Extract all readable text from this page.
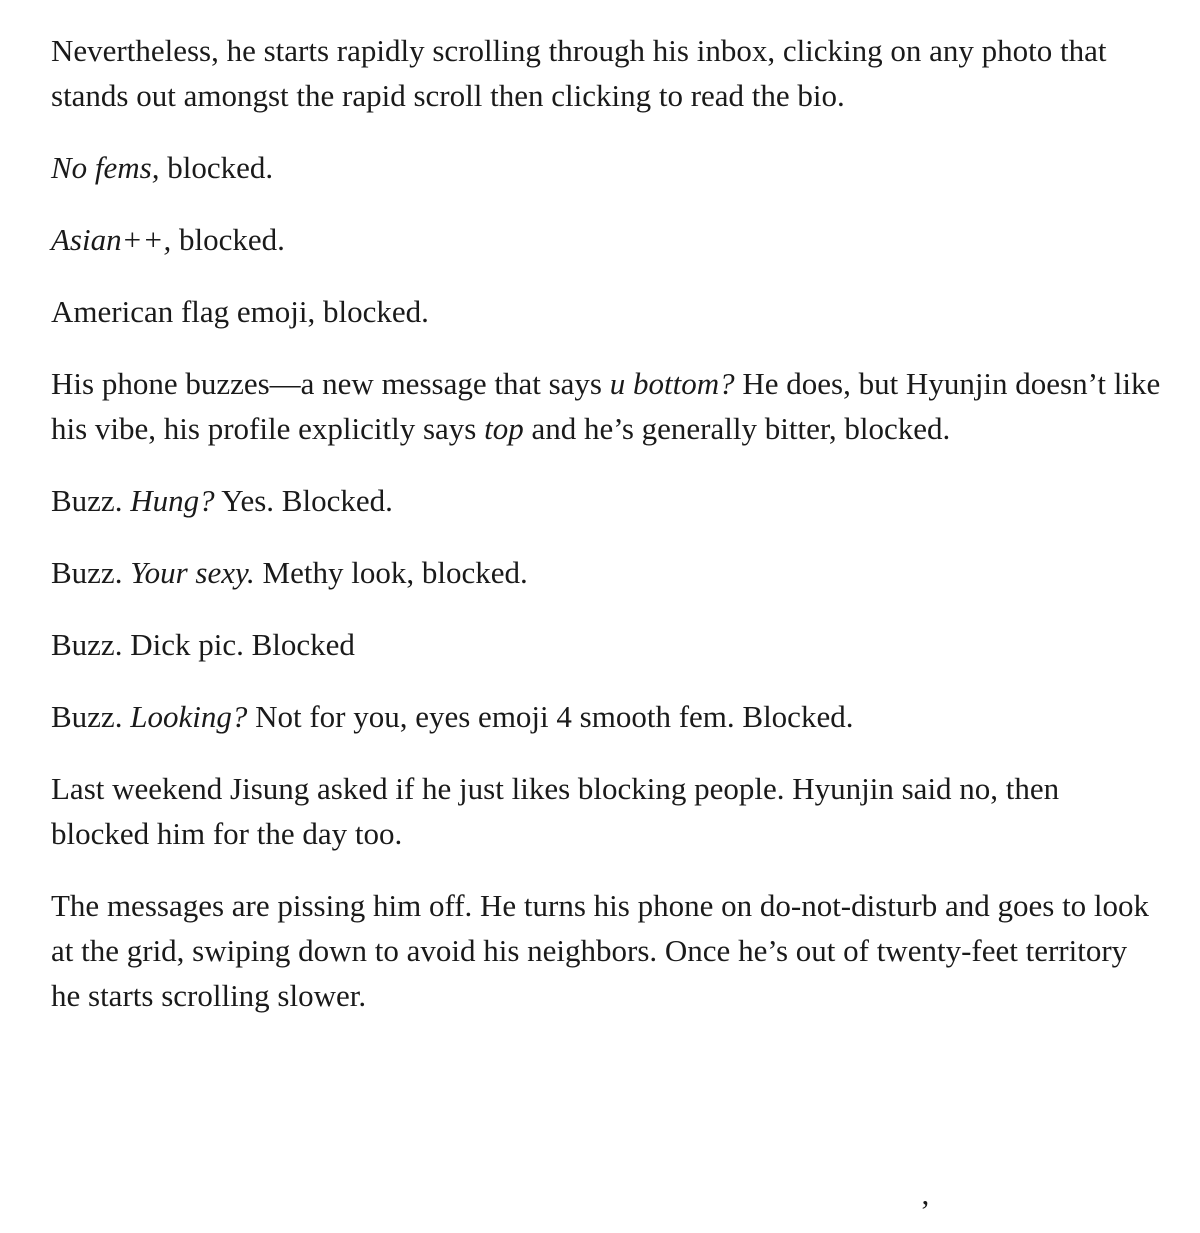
Nevertheless, he starts rapidly scrolling through his inbox, clicking on any photo that stands out amongst the rapid scroll then clicking to read the bio.

No fems, blocked.

Asian++, blocked.

American flag emoji, blocked.

His phone buzzes—a new message that says u bottom? He does, but Hyunjin doesn’t like his vibe, his profile explicitly says top and he’s generally bitter, blocked.

Buzz. Hung? Yes. Blocked.

Buzz. Your sexy. Methy look, blocked.

Buzz. Dick pic. Blocked

Buzz. Looking? Not for you, eyes emoji 4 smooth fem. Blocked.

Last weekend Jisung asked if he just likes blocking people. Hyunjin said no, then blocked him for the day too.

The messages are pissing him off. He turns his phone on do-not-disturb and goes to look at the grid, swiping down to avoid his neighbors. Once he’s out of twenty-feet territory he starts scrolling slower.

’
